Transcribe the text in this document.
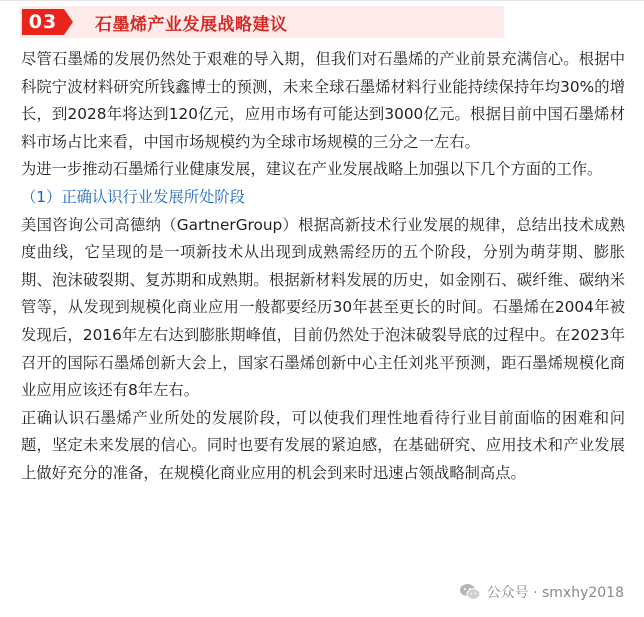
03	石墨烯产业发展战略建议

尽管石墨烯的发展仍然处于艰难的导入期，但我们对石墨烯的产业前景充满信心。根据中科院宁波材料研究所钱鑫博士的预测，未来全球石墨烯材料行业能持续保持年均30%的增长，到2028年将达到120亿元，应用市场有可能达到3000亿元。根据目前中国石墨烯材料市场占比来看，中国市场规模约为全球市场规模的三分之一左右。

为进一步推动石墨烯行业健康发展，建议在产业发展战略上加强以下几个方面的工作。

（1）正确认识行业发展所处阶段

美国咨询公司高德纳（GartnerGroup）根据高新技术行业发展的规律，总结出技术成熟度曲线，它呈现的是一项新技术从出现到成熟需经历的五个阶段，分别为萌芽期、膨胀期、泡沫破裂期、复苏期和成熟期。根据新材料发展的历史，如金刚石、碳纤维、碳纳米管等，从发现到规模化商业应用一般都要经历30年甚至更长的时间。石墨烯在2004年被发现后，2016年左右达到膨胀期峰值，目前仍然处于泡沫破裂导底的过程中。在2023年召开的国际石墨烯创新大会上，国家石墨烯创新中心主任刘兆平预测，距石墨烯规模化商业应用应该还有8年左右。

正确认识石墨烯产业所处的发展阶段，可以使我们理性地看待行业目前面临的困难和问题，坚定未来发展的信心。同时也要有发展的紧迫感，在基础研究、应用技术和产业发展上做好充分的准备，在规模化商业应用的机会到来时迅速占领战略制高点。

公众号 · smxhy2018
